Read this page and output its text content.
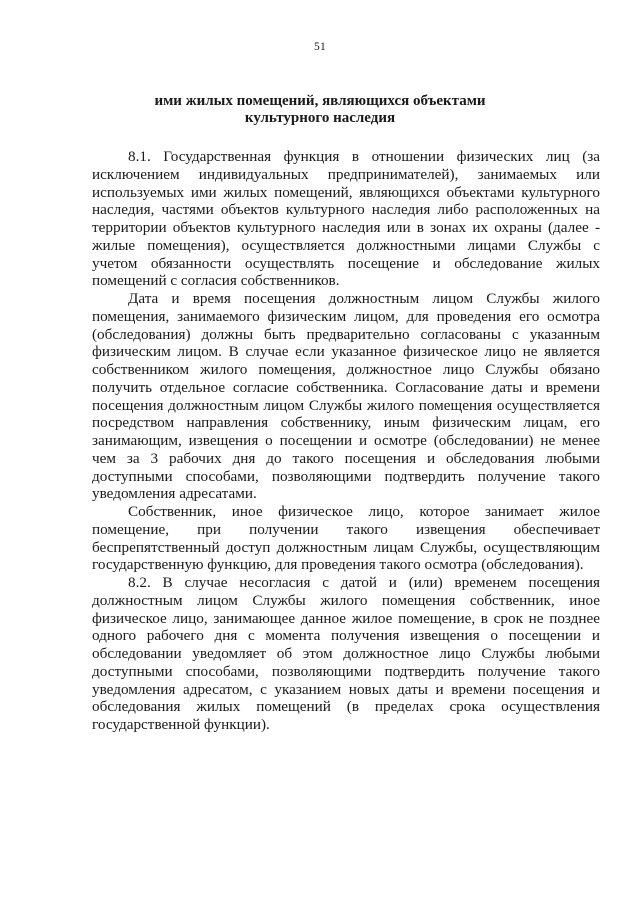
51
ими жилых помещений, являющихся объектами
культурного наследия
8.1. Государственная функция в отношении физических лиц (за
исключением индивидуальных предпринимателей), занимаемых или
используемых ими жилых помещений, являющихся объектами культурного
наследия, частями объектов культурного наследия либо расположенных на
территории объектов культурного наследия или в зонах их охраны (далее -
жилые помещения), осуществляется должностными лицами Службы с
учетом обязанности осуществлять посещение и обследование жилых
помещений с согласия собственников.
Дата и время посещения должностным лицом Службы жилого
помещения, занимаемого физическим лицом, для проведения его осмотра
(обследования) должны быть предварительно согласованы с указанным
физическим лицом. В случае если указанное физическое лицо не является
собственником жилого помещения, должностное лицо Службы обязано
получить отдельное согласие собственника. Согласование даты и времени
посещения должностным лицом Службы жилого помещения осуществляется
посредством направления собственнику, иным физическим лицам, его
занимающим, извещения о посещении и осмотре (обследовании) не менее
чем за 3 рабочих дня до такого посещения и обследования любыми
доступными способами, позволяющими подтвердить получение такого
уведомления адресатами.
Собственник, иное физическое лицо, которое занимает жилое
помещение, при получении такого извещения обеспечивает
беспрепятственный доступ должностным лицам Службы, осуществляющим
государственную функцию, для проведения такого осмотра (обследования).
8.2. В случае несогласия с датой и (или) временем посещения
должностным лицом Службы жилого помещения собственник, иное
физическое лицо, занимающее данное жилое помещение, в срок не позднее
одного рабочего дня с момента получения извещения о посещении и
обследовании уведомляет об этом должностное лицо Службы любыми
доступными способами, позволяющими подтвердить получение такого
уведомления адресатом, с указанием новых даты и времени посещения и
обследования жилых помещений (в пределах срока осуществления
государственной функции).
